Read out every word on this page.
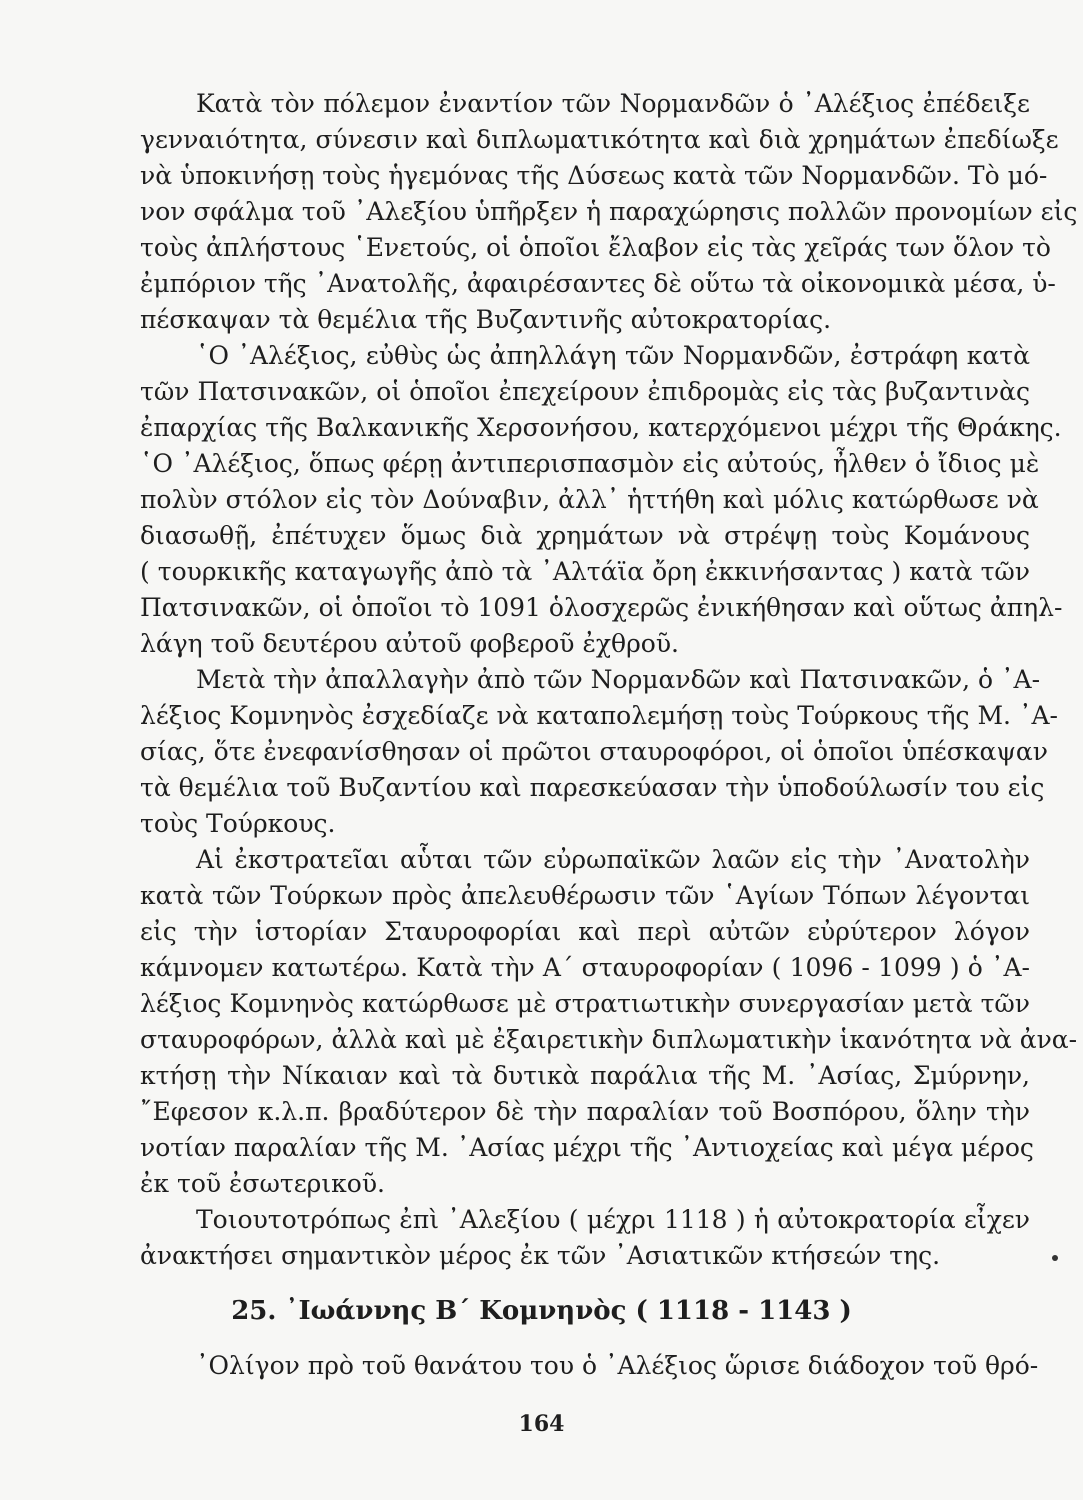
Κατὰ τὸν πόλεμον ἐναντίον τῶν Νορμανδῶν ὁ ᾿Αλέξιος ἐπέδειξε
γενναιότητα, σύνεσιν καὶ διπλωματικότητα καὶ διὰ χρημάτων ἐπεδίωξε
νὰ ὑποκινήσῃ τοὺς ἡγεμόνας τῆς Δύσεως κατὰ τῶν Νορμανδῶν. Τὸ μό-
νον σφάλμα τοῦ ᾿Αλεξίου ὑπῆρξεν ἡ παραχώρησις πολλῶν προνομίων εἰς
τοὺς ἀπλήστους ῾Ενετούς, οἱ ὁποῖοι ἔλαβον εἰς τὰς χεῖράς των ὅλον τὸ
ἐμπόριον τῆς ᾿Ανατολῆς, ἀφαιρέσαντες δὲ οὕτω τὰ οἰκονομικὰ μέσα, ὑ-
πέσκαψαν τὰ θεμέλια τῆς Βυζαντινῆς αὐτοκρατορίας.
῾Ο ᾿Αλέξιος, εὐθὺς ὡς ἀπηλλάγη τῶν Νορμανδῶν, ἐστράφη κατὰ
τῶν Πατσινακῶν, οἱ ὁποῖοι ἐπεχείρουν ἐπιδρομὰς εἰς τὰς βυζαντινὰς
ἐπαρχίας τῆς Βαλκανικῆς Χερσονήσου, κατερχόμενοι μέχρι τῆς Θράκης.
῾Ο ᾿Αλέξιος, ὅπως φέρῃ ἀντιπερισπασμὸν εἰς αὐτούς, ἦλθεν ὁ ἴδιος μὲ
πολὺν στόλον εἰς τὸν Δούναβιν, ἀλλ᾿ ἡττήθη καὶ μόλις κατώρθωσε νὰ
διασωθῇ, ἐπέτυχεν ὅμως διὰ χρημάτων νὰ στρέψῃ τοὺς Κομάνους
( τουρκικῆς καταγωγῆς ἀπὸ τὰ ᾿Αλτάϊα ὄρη ἐκκινήσαντας ) κατὰ τῶν
Πατσινακῶν, οἱ ὁποῖοι τὸ 1091 ὁλοσχερῶς ἐνικήθησαν καὶ οὕτως ἀπηλ-
λάγη τοῦ δευτέρου αὐτοῦ φοβεροῦ ἐχθροῦ.
Μετὰ τὴν ἀπαλλαγὴν ἀπὸ τῶν Νορμανδῶν καὶ Πατσινακῶν, ὁ ᾿Α-
λέξιος Κομνηνὸς ἐσχεδίαζε νὰ καταπολεμήσῃ τοὺς Τούρκους τῆς Μ. ᾿Α-
σίας, ὅτε ἐνεφανίσθησαν οἱ πρῶτοι σταυροφόροι, οἱ ὁποῖοι ὑπέσκαψαν
τὰ θεμέλια τοῦ Βυζαντίου καὶ παρεσκεύασαν τὴν ὑποδούλωσίν του εἰς
τοὺς Τούρκους.
Αἱ ἐκστρατεῖαι αὗται τῶν εὐρωπαϊκῶν λαῶν εἰς τὴν ᾿Ανατολὴν
κατὰ τῶν Τούρκων πρὸς ἀπελευθέρωσιν τῶν ῾Αγίων Τόπων λέγονται
εἰς τὴν ἱστορίαν Σταυροφορίαι καὶ περὶ αὐτῶν εὐρύτερον λόγον
κάμνομεν κατωτέρω. Κατὰ τὴν Α´ σταυροφορίαν ( 1096 - 1099 ) ὁ ᾿Α-
λέξιος Κομνηνὸς κατώρθωσε μὲ στρατιωτικὴν συνεργασίαν μετὰ τῶν
σταυροφόρων, ἀλλὰ καὶ μὲ ἐξαιρετικὴν διπλωματικὴν ἱκανότητα νὰ ἀνα-
κτήσῃ τὴν Νίκαιαν καὶ τὰ δυτικὰ παράλια τῆς Μ. ᾿Ασίας, Σμύρνην,
῎Εφεσον κ.λ.π. βραδύτερον δὲ τὴν παραλίαν τοῦ Βοσπόρου, ὅλην τὴν
νοτίαν παραλίαν τῆς Μ. ᾿Ασίας μέχρι τῆς ᾿Αντιοχείας καὶ μέγα μέρος
ἐκ τοῦ ἐσωτερικοῦ.
Τοιουτοτρόπως ἐπὶ ᾿Αλεξίου ( μέχρι 1118 ) ἡ αὐτοκρατορία εἶχεν
ἀνακτήσει σημαντικὸν μέρος ἐκ τῶν ᾿Ασιατικῶν κτήσεών της.
25. ᾿Ιωάννης Β´ Κομνηνὸς ( 1118 - 1143 )
᾿Ολίγον πρὸ τοῦ θανάτου του ὁ ᾿Αλέξιος ὥρισε διάδοχον τοῦ θρό-
164
